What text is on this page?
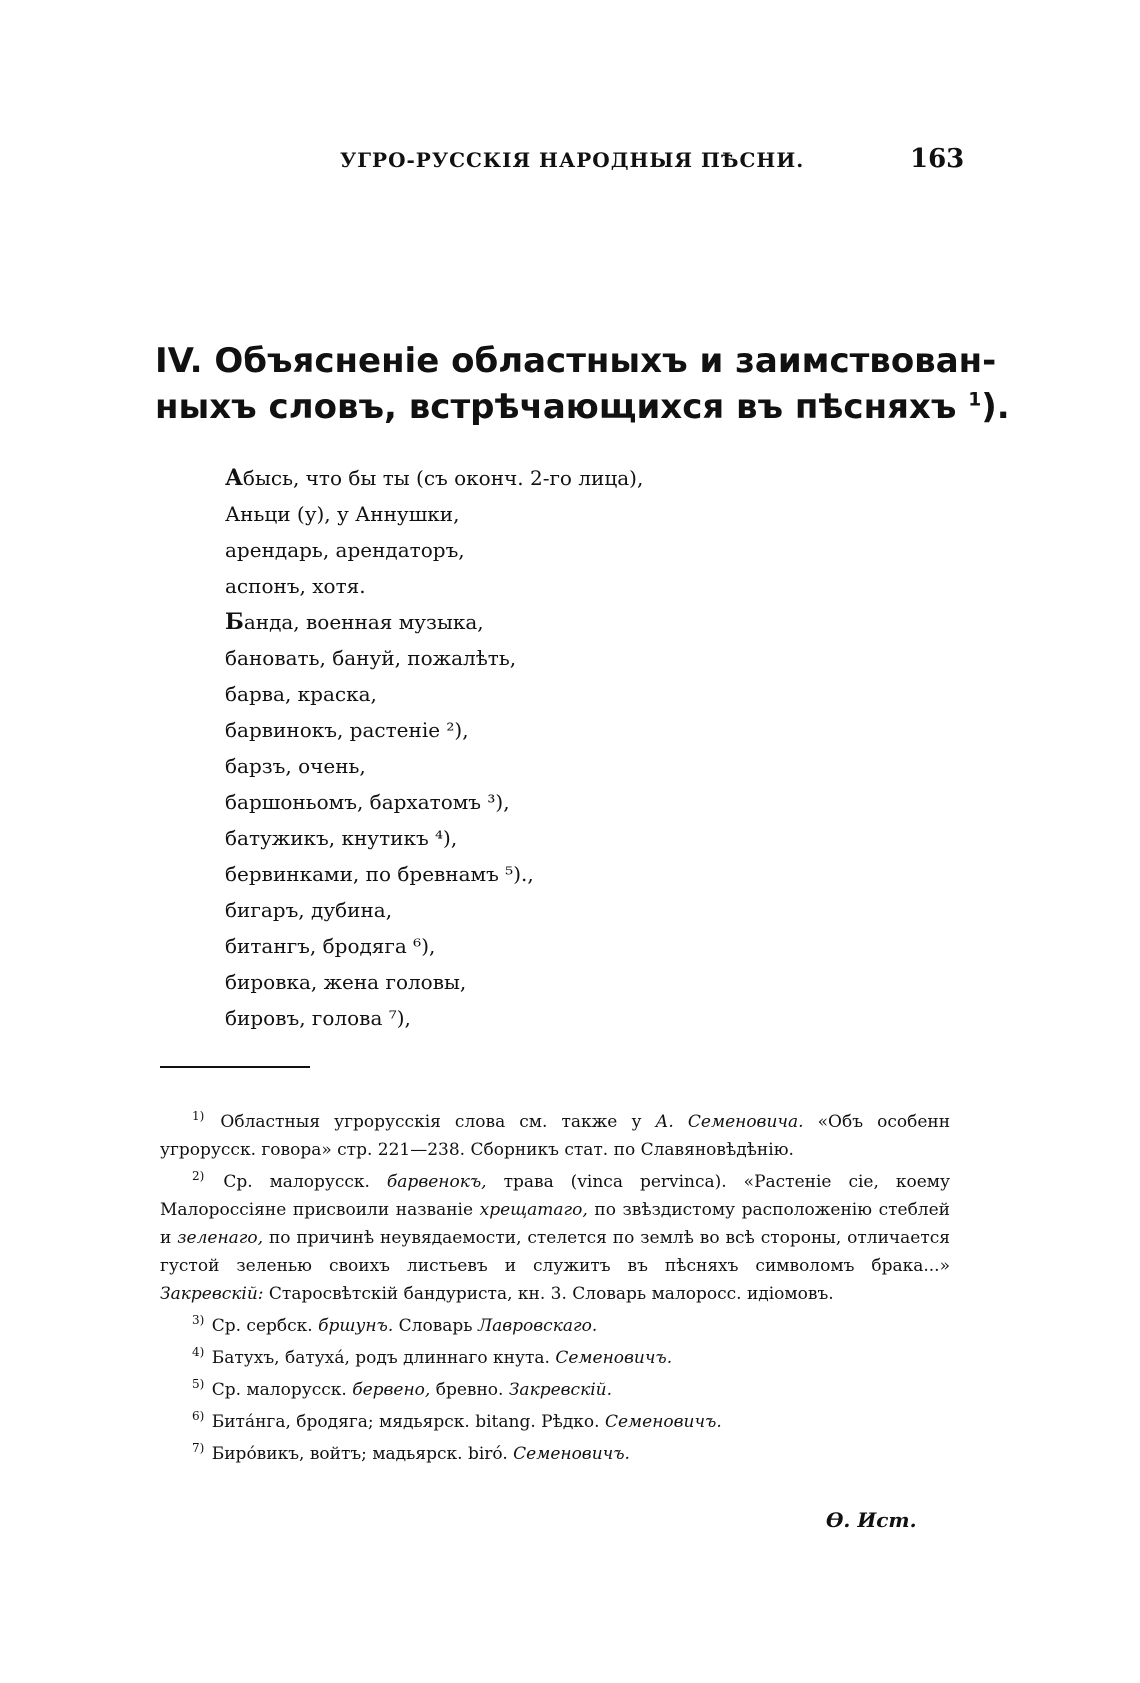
УГРО-РУССКІЯ НАРОДНЫЯ ПѢСНИ.	163
IV. Объясненіе областныхъ и заимствован-
ныхъ словъ, встрѣчающихся въ пѣсняхъ $^1$).
Абысь, что бы ты (съ оконч. 2-го лица),
Аньци (у), у Аннушки,
арендарь, арендаторъ,
аспонъ, хотя.
Банда, военная музыка,
бановать, бануй, пожалѣть,
барва, краска,
барвинокъ, растеніе ²),
барзъ, очень,
баршоньомъ, бархатомъ ³),
батужикъ, кнутикъ ⁴),
бервинками, по бревнамъ ⁵).,
бигаръ, дубина,
битангъ, бродяга ⁶),
бировка, жена головы,
бировъ, голова ⁷),

$^{1)}$ Областныя угрорусскія слова см. также у А. Семеновича. «Объ особенн угрорусск. говора» стр. 221—238. Сборникъ стат. по Славяновѣдѣнію.

$^{2)}$ Ср. малорусск. барвенокъ, трава (vinca pervinca). «Растеніе сіе, коему Малороссіяне присвоили названіе хрещатаго, по звѣздистому расположенію стеблей и зеленаго, по причинѣ неувядаемости, стелется по землѣ во всѣ стороны, отличается густой зеленью своихъ листьевъ и служитъ въ пѣсняхъ символомъ брака...» Закревскій: Старосвѣтскій бандуриста, кн. 3. Словарь малоросс. идіомовъ.

$^{3)}$ Ср. сербск. бршунъ. Словарь Лавровскаго.

$^{4)}$ Батухъ, батуха́, родъ длиннаго кнута. Семеновичъ.

$^{5)}$ Ср. малорусск. бервено, бревно. Закревскій.

$^{6)}$ Бита́нга, бродяга; мядьярск. bitang. Рѣдко. Семеновичъ.

$^{7)}$ Биро́викъ, войтъ; мадьярск. biró. Семеновичъ.

Ѳ. Ист.
